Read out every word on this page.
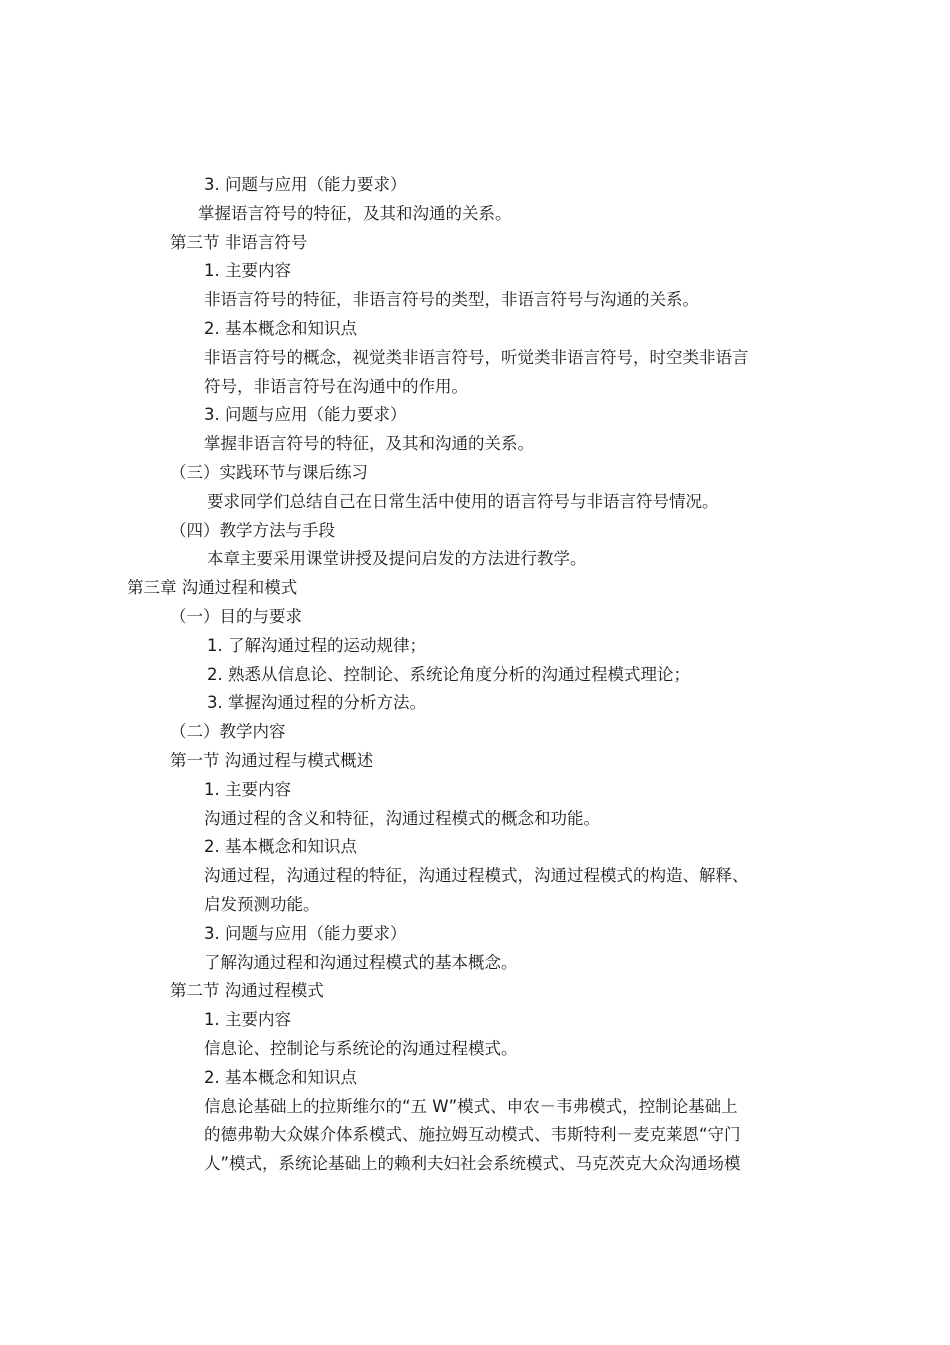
3. 问题与应用（能力要求）
掌握语言符号的特征，及其和沟通的关系。
第三节 非语言符号
1. 主要内容
非语言符号的特征，非语言符号的类型，非语言符号与沟通的关系。
2. 基本概念和知识点
非语言符号的概念，视觉类非语言符号，听觉类非语言符号，时空类非语言
符号，非语言符号在沟通中的作用。
3. 问题与应用（能力要求）
掌握非语言符号的特征，及其和沟通的关系。
（三）实践环节与课后练习
要求同学们总结自己在日常生活中使用的语言符号与非语言符号情况。
（四）教学方法与手段
本章主要采用课堂讲授及提问启发的方法进行教学。
第三章 沟通过程和模式
（一）目的与要求
1. 了解沟通过程的运动规律；
2. 熟悉从信息论、控制论、系统论角度分析的沟通过程模式理论；
3. 掌握沟通过程的分析方法。
（二）教学内容
第一节 沟通过程与模式概述
1. 主要内容
沟通过程的含义和特征，沟通过程模式的概念和功能。
2. 基本概念和知识点
沟通过程，沟通过程的特征，沟通过程模式，沟通过程模式的构造、解释、
启发预测功能。
3. 问题与应用（能力要求）
了解沟通过程和沟通过程模式的基本概念。
第二节 沟通过程模式
1. 主要内容
信息论、控制论与系统论的沟通过程模式。
2. 基本概念和知识点
信息论基础上的拉斯维尔的“五 W”模式、申农－韦弗模式，控制论基础上
的德弗勒大众媒介体系模式、施拉姆互动模式、韦斯特利－麦克莱恩“守门
人”模式，系统论基础上的赖利夫妇社会系统模式、马克茨克大众沟通场模
